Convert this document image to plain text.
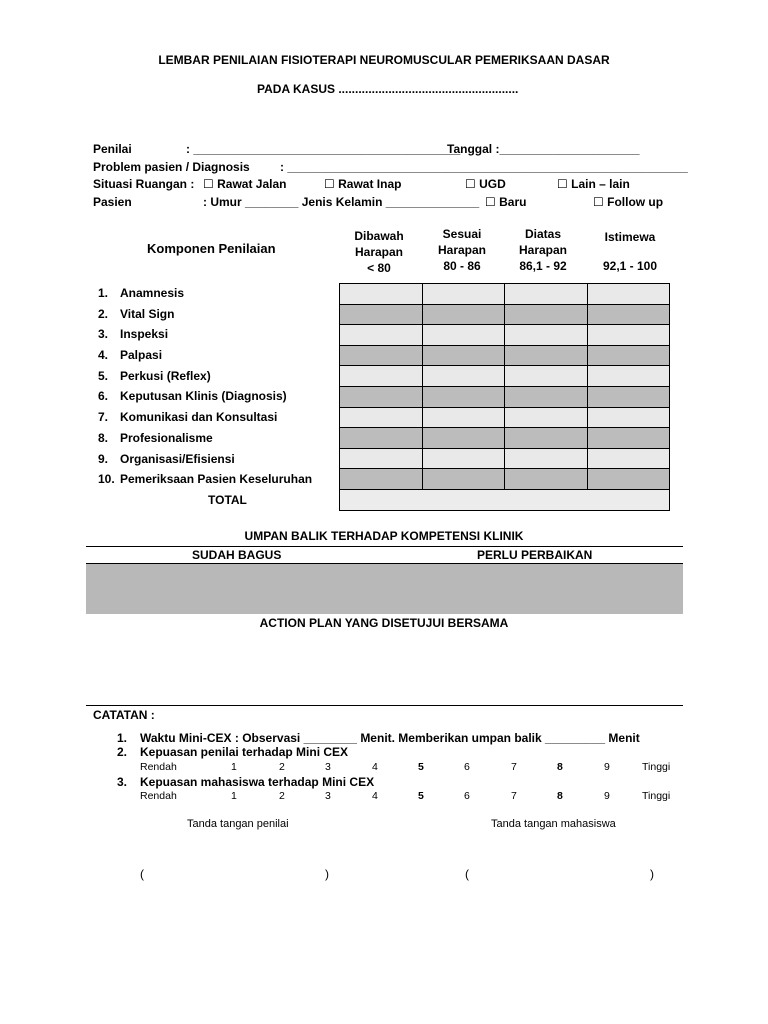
LEMBAR PENILAIAN FISIOTERAPI NEUROMUSCULAR PEMERIKSAAN DASAR
PADA KASUS ......................................................
Penilai	: ________________________________________
Tanggal :_____________________
Problem pasien / Diagnosis	: ____________________________________________________________
Situasi Ruangan : ☐ Rawat Jalan	☐ Rawat Inap	☐ UGD	☐ Lain – lain
Pasien	: Umur ________ Jenis Kelamin ______________ ☐ Baru	☐ Follow up
Komponen Penilaian
Dibawah
Harapan
< 80
Sesuai
Harapan
80 - 86
Diatas
Harapan
86,1 - 92
Istimewa
92,1 - 100
1. Anamnesis
2. Vital Sign
3. Inspeksi
4. Palpasi
5. Perkusi (Reflex)
6. Keputusan Klinis (Diagnosis)
7. Komunikasi dan Konsultasi
8. Profesionalisme
9. Organisasi/Efisiensi
10. Pemeriksaan Pasien Keseluruhan
TOTAL

UMPAN BALIK TERHADAP KOMPETENSI KLINIK
SUDAH BAGUS	PERLU PERBAIKAN
ACTION PLAN YANG DISETUJUI BERSAMA
CATATAN :
1. Waktu Mini-CEX : Observasi ________ Menit. Memberikan umpan balik _________ Menit
2. Kepuasan penilai terhadap Mini CEX
Rendah	1	2	3	4	5	6	7	8	9	Tinggi
3. Kepuasan mahasiswa terhadap Mini CEX
Rendah	1	2	3	4	5	6	7	8	9	Tinggi
Tanda tangan penilai	Tanda tangan mahasiswa
(	)	(	)
